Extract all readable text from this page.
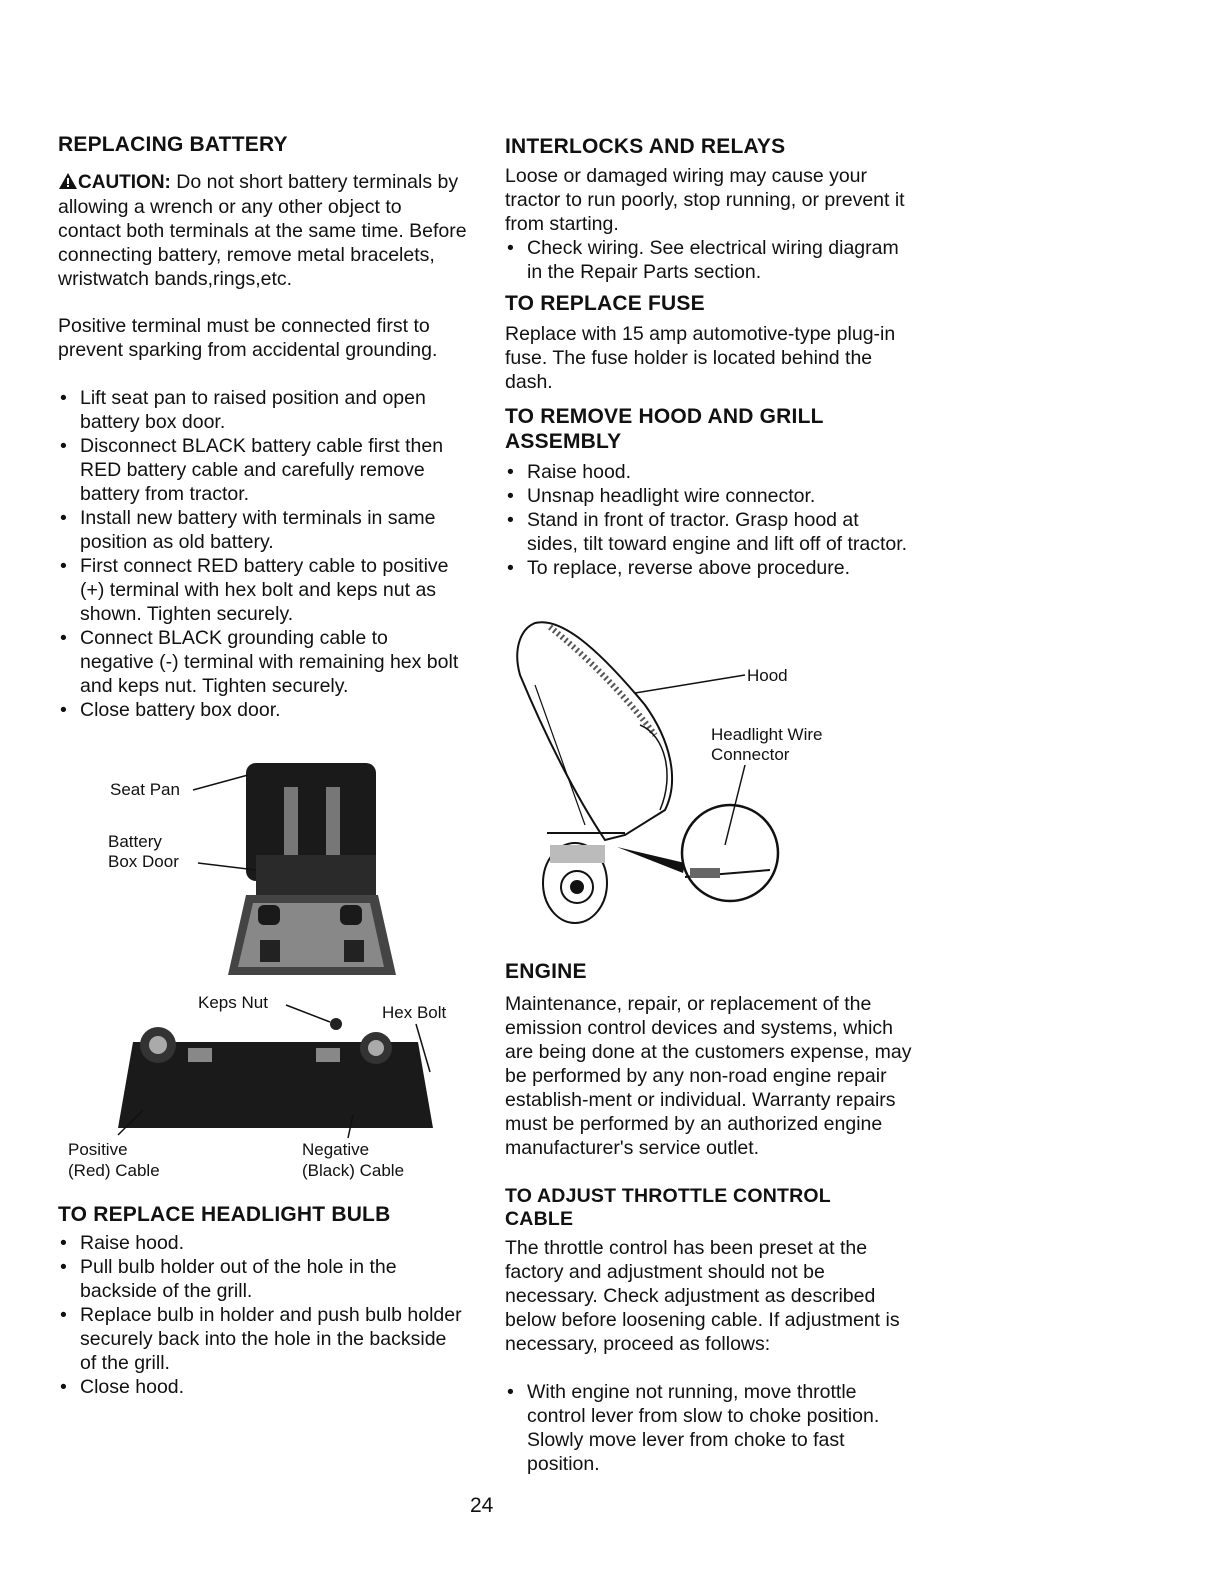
REPLACING BATTERY

CAUTION: Do not short battery terminals by allowing a wrench or any other object to contact both terminals at the same time. Before connecting battery, remove metal bracelets, wristwatch bands,rings,etc.

Positive terminal must be connected first to prevent sparking from accidental grounding.

• Lift seat pan to raised position and open battery box door.
• Disconnect BLACK battery cable first then RED battery cable and carefully remove battery from tractor.
• Install new battery with terminals in same position as old battery.
• First connect RED battery cable to positive (+) terminal with hex bolt and keps nut as shown. Tighten securely.
• Connect BLACK grounding cable to negative (-) terminal with remaining hex bolt and keps nut. Tighten securely.
• Close battery box door.
Seat Pan
Battery
Box Door
Keps Nut
Hex Bolt
Positive
(Red) Cable
Negative
(Black) Cable
TO REPLACE HEADLIGHT BULB
• Raise hood.
• Pull bulb holder out of the hole in the backside of the grill.
• Replace bulb in holder and push bulb holder securely back into the hole in the backside of the grill.
• Close hood.
INTERLOCKS AND RELAYS

Loose or damaged wiring may cause your tractor to run poorly, stop running, or prevent it from starting.

• Check wiring. See electrical wiring diagram in the Repair Parts section.
TO REPLACE FUSE

Replace with 15 amp automotive-type plug-in fuse. The fuse holder is located behind the dash.

TO REMOVE HOOD AND GRILL
ASSEMBLY
• Raise hood.
• Unsnap headlight wire connector.
• Stand in front of tractor. Grasp hood at sides, tilt toward engine and lift off of tractor.
• To replace, reverse above procedure.
Hood
Headlight Wire
Connector
ENGINE

Maintenance, repair, or replacement of the emission control devices and systems, which are being done at the customers expense, may be performed by any non-road engine repair establish-ment or individual. Warranty repairs must be performed by an authorized engine manufacturer's service outlet.

TO ADJUST THROTTLE CONTROL
CABLE

The throttle control has been preset at the factory and adjustment should not be necessary. Check adjustment as described below before loosening cable. If adjustment is necessary, proceed as follows:

• With engine not running, move throttle control lever from slow to choke position. Slowly move lever from choke to fast position.
24
